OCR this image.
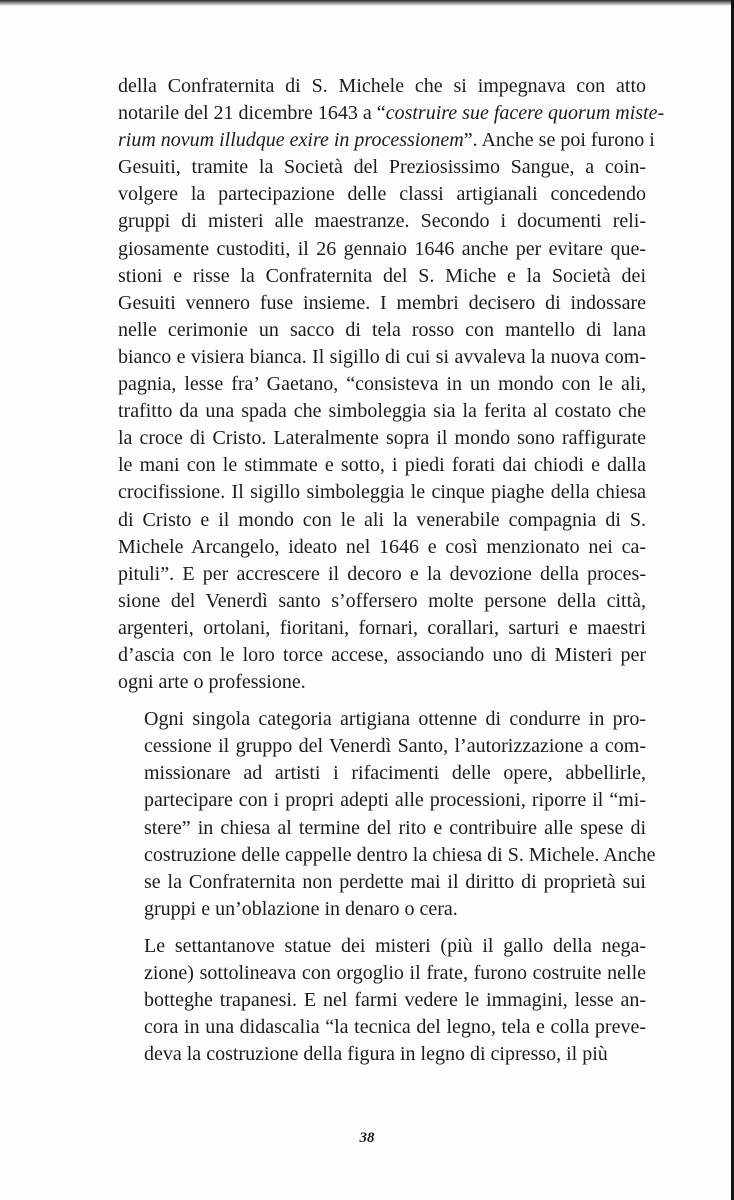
della Confraternita di S. Michele che si impegnava con atto
notarile del 21 dicembre 1643 a “costruire sue facere quorum miste-
rium novum illudque exire in processionem”. Anche se poi furono i
Gesuiti, tramite la Società del Preziosissimo Sangue, a coin-
volgere la partecipazione delle classi artigianali concedendo
gruppi di misteri alle maestranze. Secondo i documenti reli-
giosamente custoditi, il 26 gennaio 1646 anche per evitare que-
stioni e risse la Confraternita del S. Miche e la Società dei
Gesuiti vennero fuse insieme. I membri decisero di indossare
nelle cerimonie un sacco di tela rosso con mantello di lana
bianco e visiera bianca. Il sigillo di cui si avvaleva la nuova com-
pagnia, lesse fra’ Gaetano, “consisteva in un mondo con le ali,
trafitto da una spada che simboleggia sia la ferita al costato che
la croce di Cristo. Lateralmente sopra il mondo sono raffigurate
le mani con le stimmate e sotto, i piedi forati dai chiodi e dalla
crocifissione. Il sigillo simboleggia le cinque piaghe della chiesa
di Cristo e il mondo con le ali la venerabile compagnia di S.
Michele Arcangelo, ideato nel 1646 e così menzionato nei ca-
pituli”. E per accrescere il decoro e la devozione della proces-
sione del Venerdì santo s’offersero molte persone della città,
argenteri, ortolani, fioritani, fornari, corallari, sarturi e maestri
d’ascia con le loro torce accese, associando uno di Misteri per
ogni arte o professione.

Ogni singola categoria artigiana ottenne di condurre in pro-
cessione il gruppo del Venerdì Santo, l’autorizzazione a com-
missionare ad artisti i rifacimenti delle opere, abbellirle,
partecipare con i propri adepti alle processioni, riporre il “mi-
stere” in chiesa al termine del rito e contribuire alle spese di
costruzione delle cappelle dentro la chiesa di S. Michele. Anche
se la Confraternita non perdette mai il diritto di proprietà sui
gruppi e un’oblazione in denaro o cera.

Le settantanove statue dei misteri (più il gallo della nega-
zione) sottolineava con orgoglio il frate, furono costruite nelle
botteghe trapanesi. E nel farmi vedere le immagini, lesse an-
cora in una didascalia “la tecnica del legno, tela e colla preve-
deva la costruzione della figura in legno di cipresso, il più

38
